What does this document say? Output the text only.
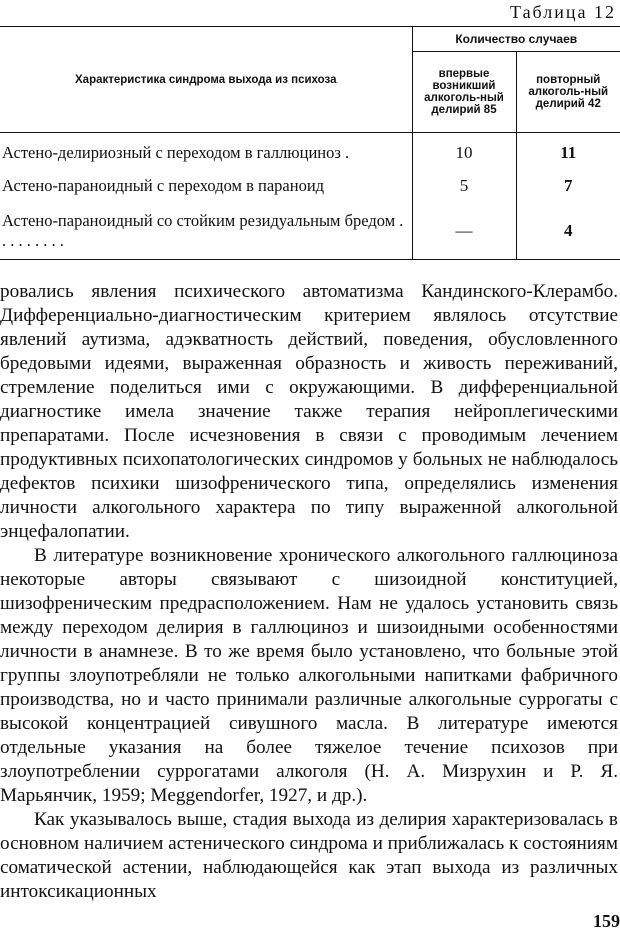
Таблица 12
Характеристика синдрома выхода из психоза	Количество случаев	
	впервые возникший алкоголь-ный делирий 85	повторный алкоголь-ный делирий 42
Астено-делириозный с переходом в галлюциноз .	10	11
Астено-параноидный с переходом в параноид	5	7
Астено-параноидный со стойким резидуальным бредом . . . . . . . . .	—	4

ровались явления психического автоматизма Кандинского-Клерамбо. Дифференциально-диагностическим критерием являлось отсутствие явлений аутизма, адэкватность действий, поведения, обусловленного бредовыми идеями, выраженная образность и живость переживаний, стремление поделиться ими с окружающими. В дифференциальной диагностике имела значение также терапия нейроплегическими препаратами. После исчезновения в связи с проводимым лечением продуктивных психопатологических синдромов у больных не наблюдалось дефектов психики шизофренического типа, определялись изменения личности алкогольного характера по типу выраженной алкогольной энцефалопатии.

В литературе возникновение хронического алкогольного галлюциноза некоторые авторы связывают с шизоидной конституцией, шизофреническим предрасположением. Нам не удалось установить связь между переходом делирия в галлюциноз и шизоидными особенностями личности в анамнезе. В то же время было установлено, что больные этой группы злоупотребляли не только алкогольными напитками фабричного производства, но и часто принимали различные алкогольные суррогаты с высокой концентрацией сивушного масла. В литературе имеются отдельные указания на более тяжелое течение психозов при злоупотреблении суррогатами алкоголя (Н. А. Мизрухин и Р. Я. Марьянчик, 1959; Meggendorfer, 1927, и др.).

Как указывалось выше, стадия выхода из делирия характеризовалась в основном наличием астенического синдрома и приближалась к состояниям соматической астении, наблюдающейся как этап выхода из различных интоксикационных

159
